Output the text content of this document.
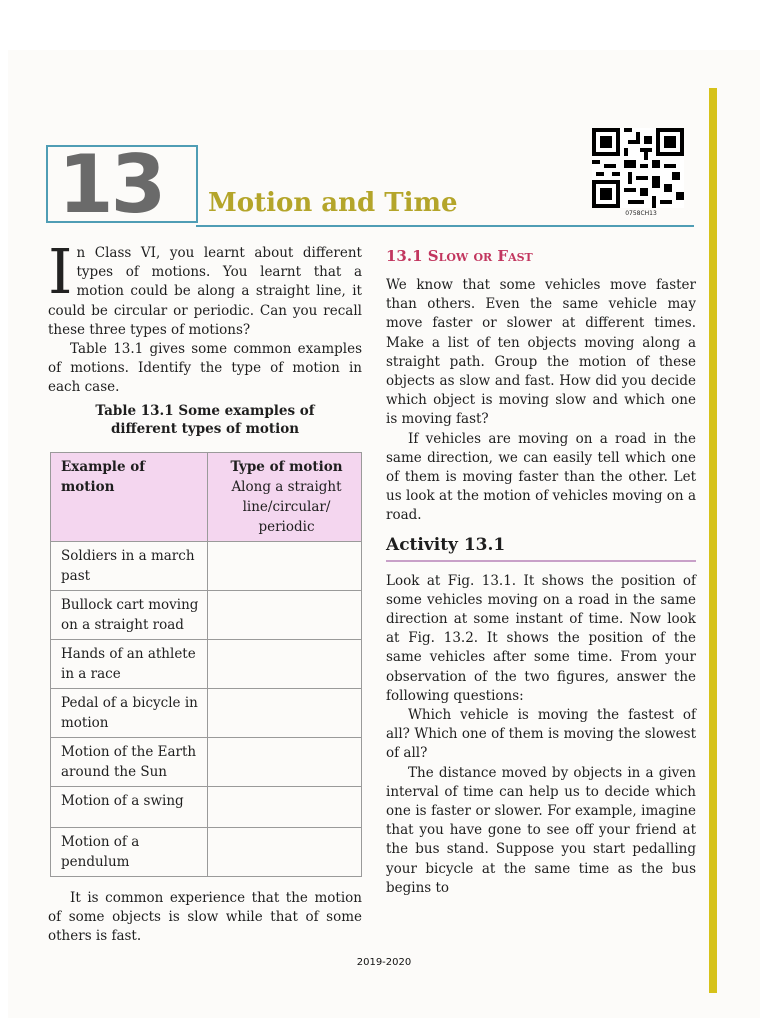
13 Motion and Time	0758CH13

In Class VI, you learnt about different types of motions. You learnt that a motion could be along a straight line, it could be circular or periodic. Can you recall these three types of motions?

Table 13.1 gives some common examples of motions. Identify the type of motion in each case.

Table 13.1 Some examples of
different types of motion
Example of motion	Type of motion
Along a straight line/circular/ periodic

Soldiers in a march past	
Bullock cart moving on a straight road	
Hands of an athlete in a race	
Pedal of a bicycle in motion	
Motion of the Earth around the Sun	
Motion of a swing	
Motion of a pendulum	

It is common experience that the motion of some objects is slow while that of some others is fast.

13.1 Slow or Fast

We know that some vehicles move faster than others. Even the same vehicle may move faster or slower at different times. Make a list of ten objects moving along a straight path. Group the motion of these objects as slow and fast. How did you decide which object is moving slow and which one is moving fast?

If vehicles are moving on a road in the same direction, we can easily tell which one of them is moving faster than the other. Let us look at the motion of vehicles moving on a road.

Activity 13.1

Look at Fig. 13.1. It shows the position of some vehicles moving on a road in the same direction at some instant of time. Now look at Fig. 13.2. It shows the position of the same vehicles after some time. From your observation of the two figures, answer the following questions:

Which vehicle is moving the fastest of all? Which one of them is moving the slowest of all?

The distance moved by objects in a given interval of time can help us to decide which one is faster or slower. For example, imagine that you have gone to see off your friend at the bus stand. Suppose you start pedalling your bicycle at the same time as the bus begins to

2019-2020
